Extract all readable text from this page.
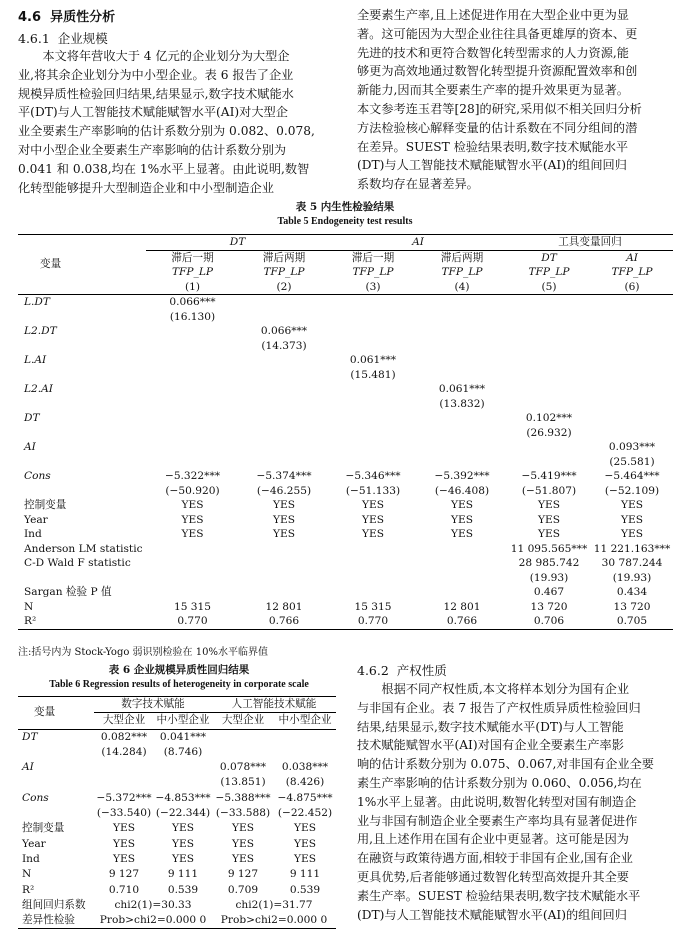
4.6 异质性分析
4.6.1 企业规模
本文将年营收大于 4 亿元的企业划分为大型企
业,将其余企业划分为中小型企业。表 6 报告了企业
规模异质性检验回归结果,结果显示,数字技术赋能水
平(DT)与人工智能技术赋能赋智水平(AI)对大型企
业全要素生产率影响的估计系数分别为 0.082、0.078,
对中小型企业全要素生产率影响的估计系数分别为
0.041 和 0.038,均在 1%水平上显著。由此说明,数智
化转型能够提升大型制造企业和中小型制造企业
全要素生产率,且上述促进作用在大型企业中更为显
著。这可能因为大型企业往往具备更雄厚的资本、更
先进的技术和更符合数智化转型需求的人力资源,能
够更为高效地通过数智化转型提升资源配置效率和创
新能力,因而其全要素生产率的提升效果更为显著。
本文参考连玉君等[28]的研究,采用似不相关回归分析
方法检验核心解释变量的估计系数在不同分组间的潜
在差异。SUEST 检验结果表明,数字技术赋能水平
(DT)与人工智能技术赋能赋智水平(AI)的组间回归
系数均存在显著差异。
表 5 内生性检验结果
Table 5 Endogeneity test results
变量	DT		AI		工具变量回归	
	滞后一期	滞后两期	滞后一期	滞后两期	DT	AI
	TFP_LP	TFP_LP	TFP_LP	TFP_LP	TFP_LP	TFP_LP
	(1)	(2)	(3)	(4)	(5)	(6)
L.DT	0.066***					
	(16.130)					
L2.DT		0.066***				
		(14.373)				
L.AI			0.061***			
			(15.481)			
L2.AI				0.061***		
				(13.832)		
DT					0.102***	
					(26.932)	
AI						0.093***
						(25.581)
Cons	−5.322***	−5.374***	−5.346***	−5.392***	−5.419***	−5.464***
	(−50.920)	(−46.255)	(−51.133)	(−46.408)	(−51.807)	(−52.109)
控制变量	YES	YES	YES	YES	YES	YES
Year	YES	YES	YES	YES	YES	YES
Ind	YES	YES	YES	YES	YES	YES
Anderson LM statistic					11 095.565***	11 221.163***
C-D Wald F statistic					28 985.742	30 787.244
					(19.93)	(19.93)
Sargan 检验 P 值					0.467	0.434
N	15 315	12 801	15 315	12 801	13 720	13 720
R²	0.770	0.766	0.770	0.766	0.706	0.705
注:括号内为 Stock-Yogo 弱识别检验在 10%水平临界值
表 6 企业规模异质性回归结果
Table 6 Regression results of heterogeneity in corporate scale
变量	数字技术赋能		人工智能技术赋能	
	大型企业	中小型企业	大型企业	中小型企业
DT	0.082***	0.041***		
	(14.284)	(8.746)		
AI			0.078***	0.038***
			(13.851)	(8.426)
Cons	−5.372***	−4.853***	−5.388***	−4.875***
	(−33.540)	(−22.344)	(−33.588)	(−22.452)
控制变量	YES	YES	YES	YES
Year	YES	YES	YES	YES
Ind	YES	YES	YES	YES
N	9 127	9 111	9 127	9 111
R²	0.710	0.539	0.709	0.539
组间回归系数	chi2(1)=30.33		chi2(1)=31.77	
差异性检验	Prob>chi2=0.000 0		Prob>chi2=0.000 0	
4.6.2 产权性质
根据不同产权性质,本文将样本划分为国有企业
与非国有企业。表 7 报告了产权性质异质性检验回归
结果,结果显示,数字技术赋能水平(DT)与人工智能
技术赋能赋智水平(AI)对国有企业全要素生产率影
响的估计系数分别为 0.075、0.067,对非国有企业全要
素生产率影响的估计系数分别为 0.060、0.056,均在
1%水平上显著。由此说明,数智化转型对国有制造企
业与非国有制造企业全要素生产率均具有显著促进作
用,且上述作用在国有企业中更显著。这可能是因为
在融资与政策待遇方面,相较于非国有企业,国有企业
更具优势,后者能够通过数智化转型高效提升其全要
素生产率。SUEST 检验结果表明,数字技术赋能水平
(DT)与人工智能技术赋能赋智水平(AI)的组间回归
